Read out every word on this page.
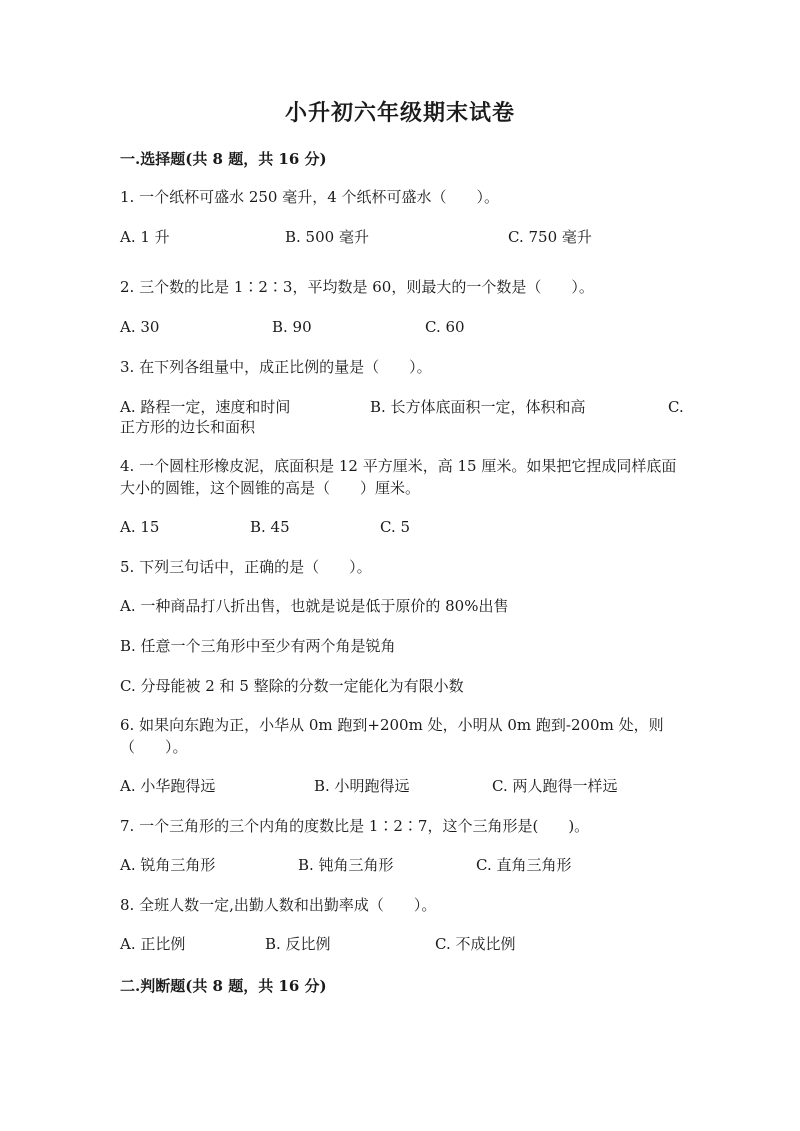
小升初六年级期末试卷
一.选择题(共 8 题，共 16 分)
1. 一个纸杯可盛水 250 毫升，4 个纸杯可盛水（　　）。
A. 1 升	B. 500 毫升	C. 750 毫升
2. 三个数的比是 1∶2∶3，平均数是 60，则最大的一个数是（　　）。
A. 30	B. 90	C. 60
3. 在下列各组量中，成正比例的量是（　　）。
A. 路程一定，速度和时间	B. 长方体底面积一定，体积和高	C.
正方形的边长和面积
4. 一个圆柱形橡皮泥，底面积是 12 平方厘米，高 15 厘米。如果把它捏成同样底面大小的圆锥，这个圆锥的高是（　　）厘米。
A. 15	B. 45	C. 5
5. 下列三句话中，正确的是（　　）。
A. 一种商品打八折出售，也就是说是低于原价的 80%出售
B. 任意一个三角形中至少有两个角是锐角
C. 分母能被 2 和 5 整除的分数一定能化为有限小数
6. 如果向东跑为正，小华从 0m 跑到+200m 处，小明从 0m 跑到-200m 处，则（　　）。
A. 小华跑得远	B. 小明跑得远	C. 两人跑得一样远
7. 一个三角形的三个内角的度数比是 1∶2∶7，这个三角形是(　　)。
A. 锐角三角形	B. 钝角三角形	C. 直角三角形
8. 全班人数一定,出勤人数和出勤率成（　　）。
A. 正比例	B. 反比例	C. 不成比例
二.判断题(共 8 题，共 16 分)
